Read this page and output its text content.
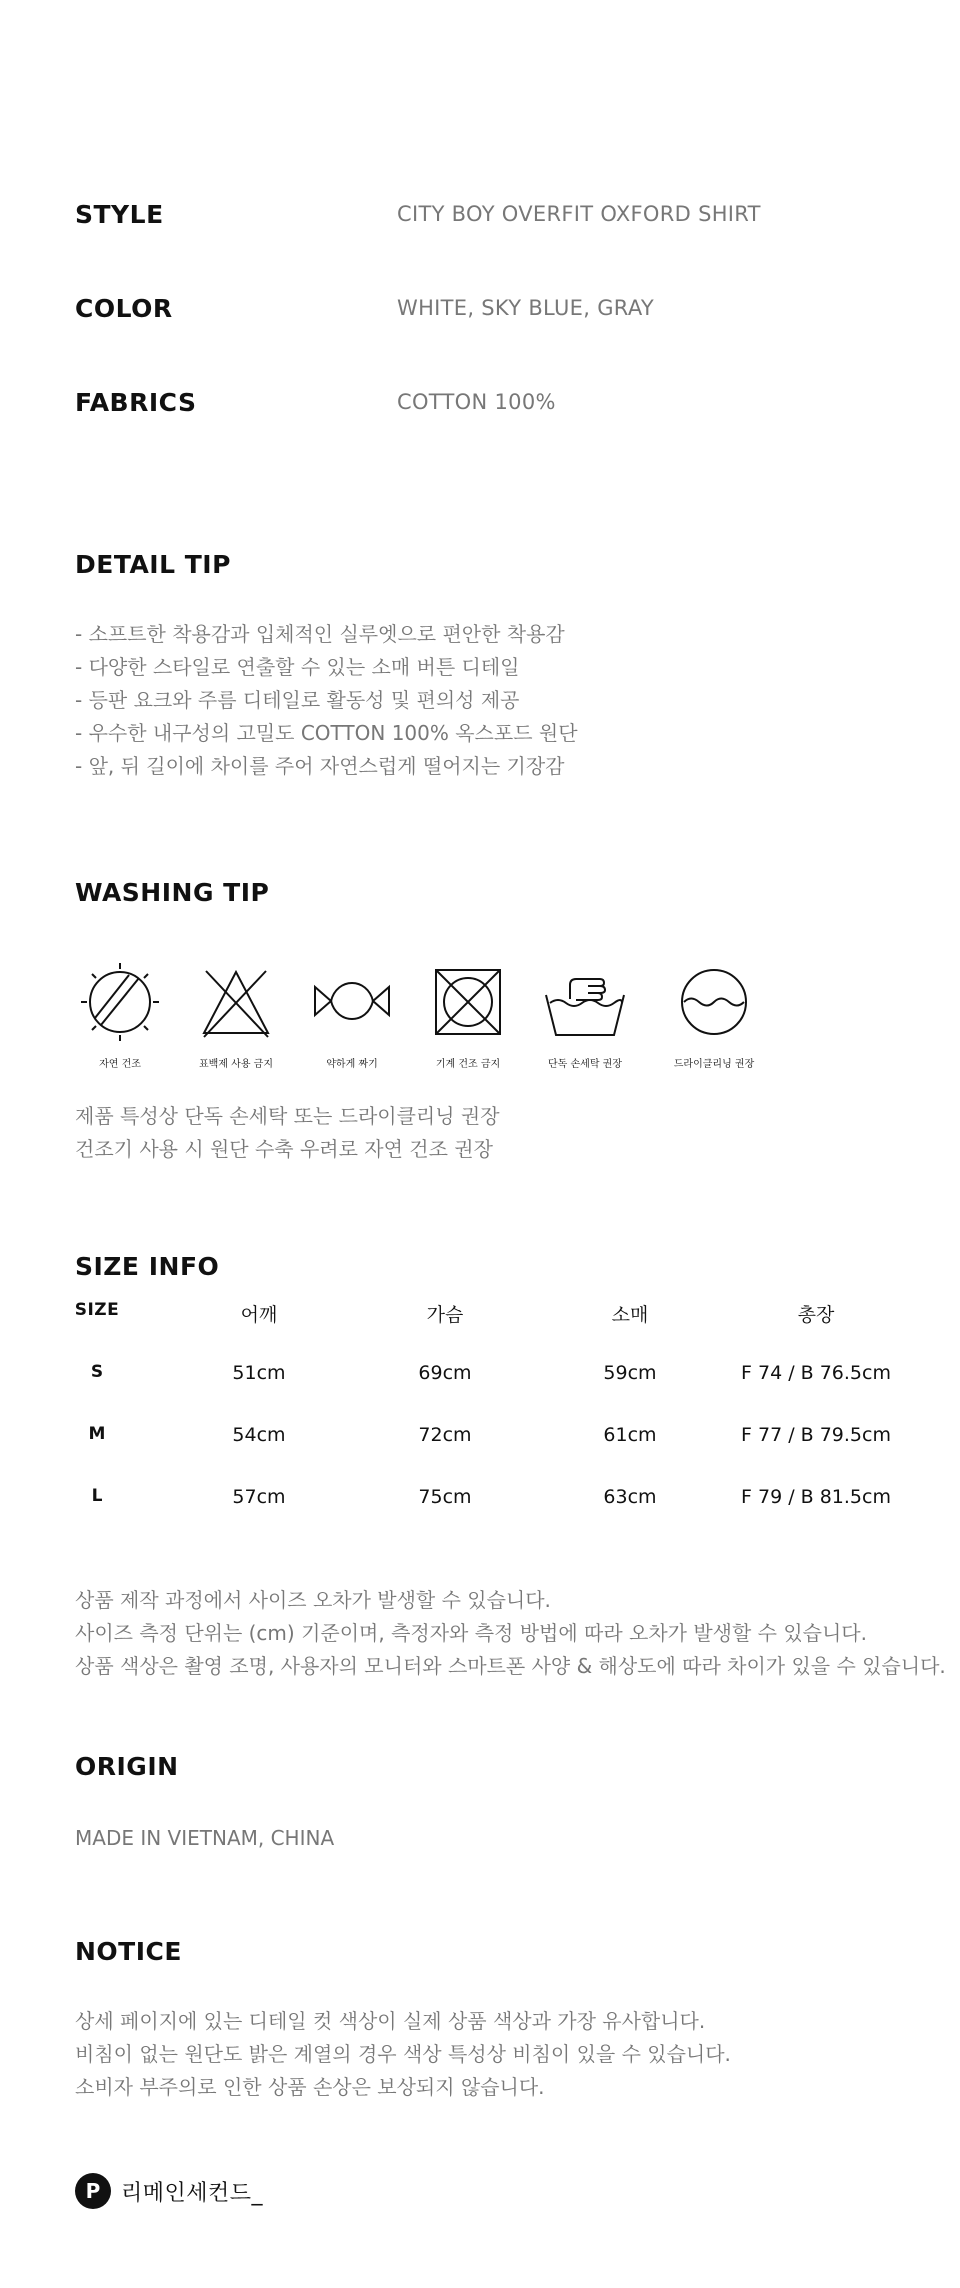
STYLE	CITY BOY OVERFIT OXFORD SHIRT
COLOR	WHITE, SKY BLUE, GRAY
FABRICS	COTTON 100%
DETAIL TIP
- 소프트한 착용감과 입체적인 실루엣으로 편안한 착용감
- 다양한 스타일로 연출할 수 있는 소매 버튼 디테일
- 등판 요크와 주름 디테일로 활동성 및 편의성 제공
- 우수한 내구성의 고밀도 COTTON 100% 옥스포드 원단
- 앞, 뒤 길이에 차이를 주어 자연스럽게 떨어지는 기장감
WASHING TIP
자연 건조	표백제 사용 금지	약하게 짜기	기계 건조 금지	단독 손세탁 권장	드라이클리닝 권장
제품 특성상 단독 손세탁 또는 드라이클리닝 권장
건조기 사용 시 원단 수축 우려로 자연 건조 권장
SIZE INFO
SIZE	어깨	가슴	소매	총장
S	51cm	69cm	59cm	F 74 / B 76.5cm
M	54cm	72cm	61cm	F 77 / B 79.5cm
L	57cm	75cm	63cm	F 79 / B 81.5cm
상품 제작 과정에서 사이즈 오차가 발생할 수 있습니다.
사이즈 측정 단위는 (cm) 기준이며, 측정자와 측정 방법에 따라 오차가 발생할 수 있습니다.
상품 색상은 촬영 조명, 사용자의 모니터와 스마트폰 사양 & 해상도에 따라 차이가 있을 수 있습니다.
ORIGIN
MADE IN VIETNAM, CHINA
NOTICE
상세 페이지에 있는 디테일 컷 색상이 실제 상품 색상과 가장 유사합니다.
비침이 없는 원단도 밝은 계열의 경우 색상 특성상 비침이 있을 수 있습니다.
소비자 부주의로 인한 상품 손상은 보상되지 않습니다.
P 리메인세컨드_
